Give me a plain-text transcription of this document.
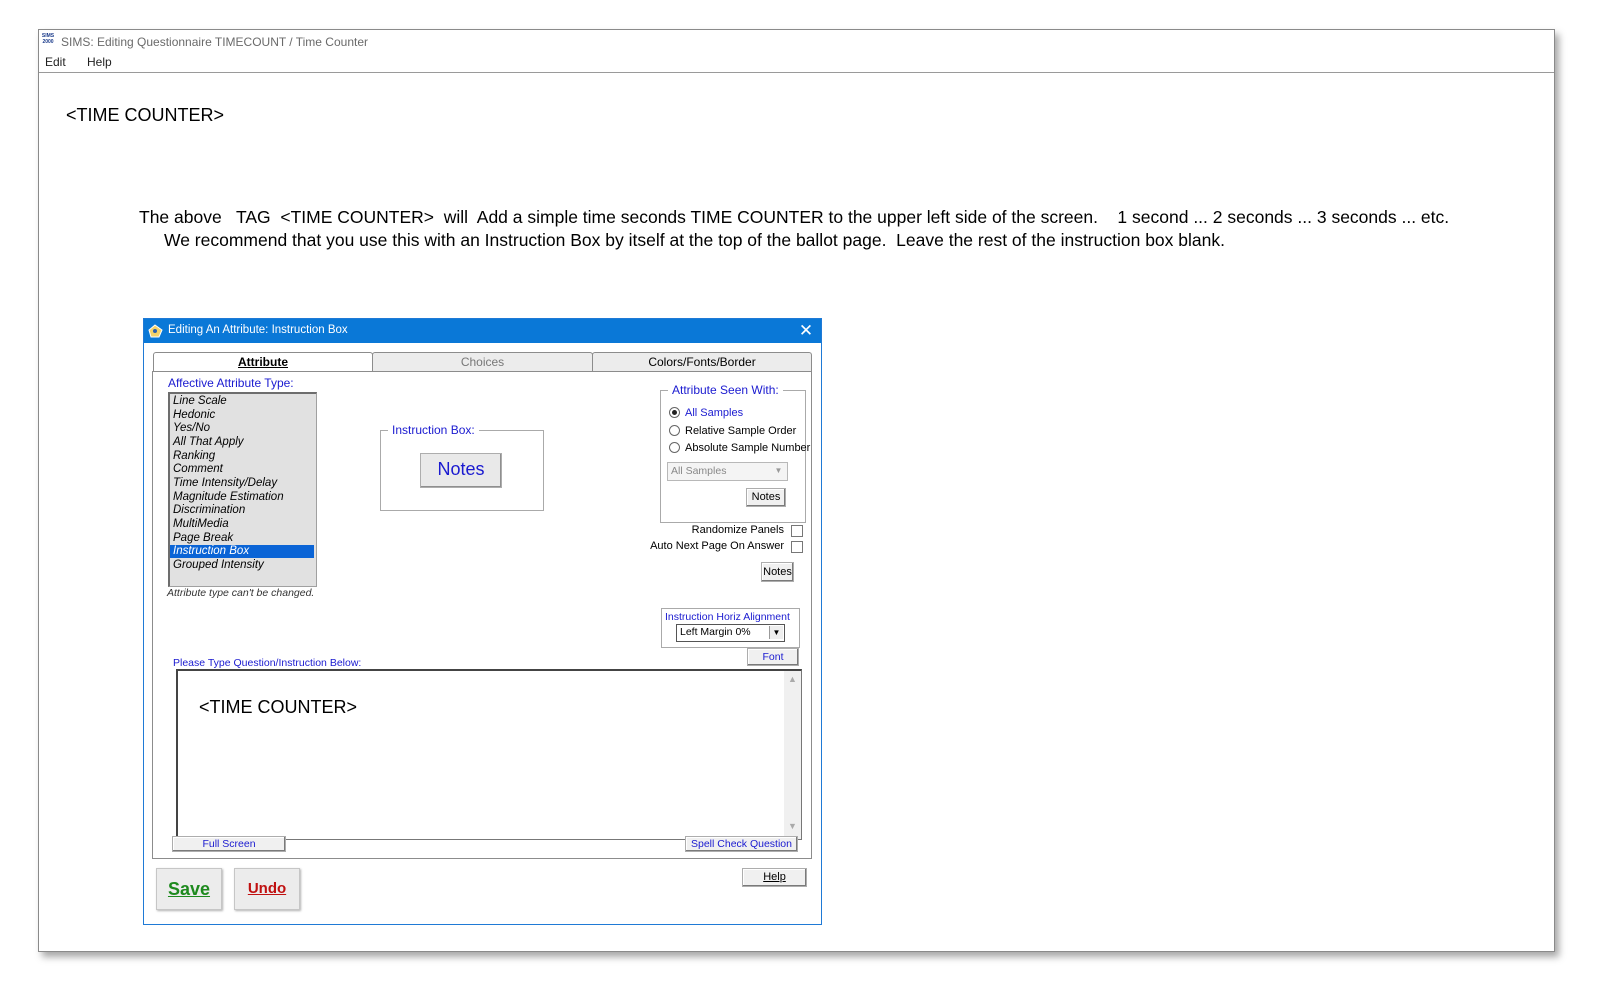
SIMS 2000 SIMS: Editing Questionnaire TIMECOUNT / Time Counter
Edit Help
<TIME COUNTER>
The above   TAG  <TIME COUNTER>  will  Add a simple time seconds TIME COUNTER to the upper left side of the screen.    1 second ... 2 seconds ... 3 seconds ... etc.
We recommend that you use this with an Instruction Box by itself at the top of the ballot page.  Leave the rest of the instruction box blank.
Editing An Attribute: Instruction Box	✕
Attribute	Choices	Colors/Fonts/Border
Affective Attribute Type:
Line Scale
Hedonic
Yes/No
All That Apply
Ranking
Comment
Time Intensity/Delay
Magnitude Estimation
Discrimination
MultiMedia
Page Break
Instruction Box
Grouped Intensity
Attribute type can't be changed.
Instruction Box:
Notes
Attribute Seen With:
All Samples
Relative Sample Order
Absolute Sample Number
All Samples	▼
Notes
Randomize Panels
Auto Next Page On Answer
Notes
Instruction Horiz Alignment
Left Margin 0%	▼
Font
Please Type Question/Instruction Below:
<TIME COUNTER>
▲
▼
Full Screen	Spell Check Question
Help
Save	Undo
